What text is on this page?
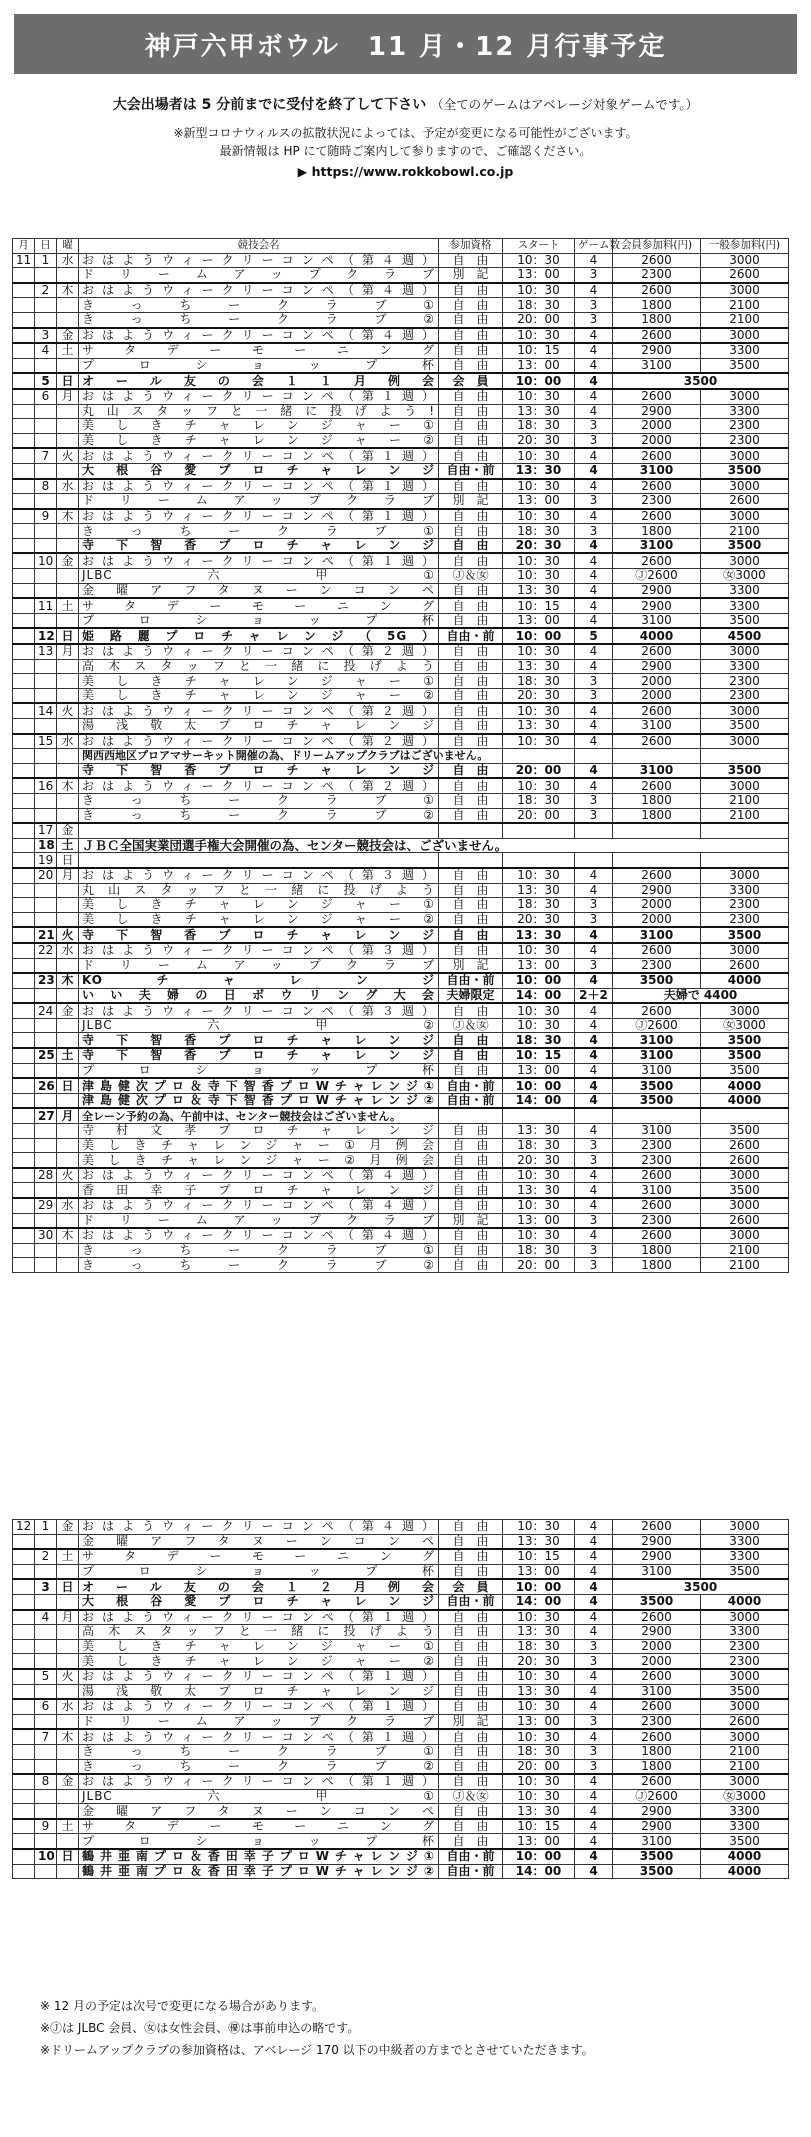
神戸六甲ボウル　11 月・12 月行事予定
大会出場者は 5 分前までに受付を終了して下さい （全てのゲームはアベレージ対象ゲームです。）
※新型コロナウィルスの拡散状況によっては、予定が変更になる可能性がございます。
最新情報は HP にて随時ご案内して参りますので、ご確認ください。
▶ https://www.rokkobowl.co.jp
月	日	曜	競技会名	参加資格	スタート	ゲーム数	会員参加料(円)	一般参加料(円)
11	1	水	おはようウィークリーコンペ（第４週）	自　由	10：30	4	2600	3000
			ドリームアップクラブ	別　記	13：00	3	2300	2600
	2	木	おはようウィークリーコンペ（第４週）	自　由	10：30	4	2600	3000
			きっちークラブ①	自　由	18：30	3	1800	2100
			きっちークラブ②	自　由	20：00	3	1800	2100
	3	金	おはようウィークリーコンペ（第４週）	自　由	10：30	4	2600	3000
	4	土	サタデーモーニング	自　由	10：15	4	2900	3300
			プロショップ杯	自　由	13：00	4	3100	3500
	5	日	オール友の会１１月例会	会　員	10：00	4	3500	
	6	月	おはようウィークリーコンペ（第１週）	自　由	10：30	4	2600	3000
			丸山スタッフと一緒に投げよう!	自　由	13：30	4	2900	3300
			美しきチャレンジャー①	自　由	18：30	3	2000	2300
			美しきチャレンジャー②	自　由	20：30	3	2000	2300
	7	火	おはようウィークリーコンペ（第１週）	自　由	10：30	4	2600	3000
			大根谷愛プロチャレンジ	自由・前	13：30	4	3100	3500
	8	水	おはようウィークリーコンペ（第１週）	自　由	10：30	4	2600	3000
			ドリームアップクラブ	別　記	13：00	3	2300	2600
	9	木	おはようウィークリーコンペ（第１週）	自　由	10：30	4	2600	3000
			きっちークラブ①	自　由	18：30	3	1800	2100
			寺下智香プロチャレンジ	自　由	20：30	4	3100	3500
	10	金	おはようウィークリーコンペ（第１週）	自　由	10：30	4	2600	3000
			JLBC六甲①	Ⓙ＆㊛	10：30	4	Ⓙ2600	㊛3000
			金曜アフタヌーンコンペ	自　由	13：30	4	2900	3300
	11	土	サタデーモーニング	自　由	10：15	4	2900	3300
			プロショップ杯	自　由	13：00	4	3100	3500
	12	日	姫路麗プロチャレンジ（5G）	自由・前	10：00	5	4000	4500
	13	月	おはようウィークリーコンペ（第２週）	自　由	10：30	4	2600	3000
			高木スタッフと一緒に投げよう	自　由	13：30	4	2900	3300
			美しきチャレンジャー①	自　由	18：30	3	2000	2300
			美しきチャレンジャー②	自　由	20：30	3	2000	2300
	14	火	おはようウィークリーコンペ（第２週）	自　由	10：30	4	2600	3000
			湯浅敬太プロチャレンジ	自　由	13：30	4	3100	3500
	15	水	おはようウィークリーコンペ（第２週）	自　由	10：30	4	2600	3000
			関西西地区プロアマサーキット開催の為、ドリームアップクラブはございません。					
			寺下智香プロチャレンジ	自　由	20：00	4	3100	3500
	16	木	おはようウィークリーコンペ（第２週）	自　由	10：30	4	2600	3000
			きっちークラブ①	自　由	18：30	3	1800	2100
			きっちークラブ②	自　由	20：00	3	1800	2100
	17	金						
	18	土	ＪＢＣ全国実業団選手権大会開催の為、センター競技会は、ございません。					
	19	日						
	20	月	おはようウィークリーコンペ（第３週）	自　由	10：30	4	2600	3000
			丸山スタッフと一緒に投げよう	自　由	13：30	4	2900	3300
			美しきチャレンジャー①	自　由	18：30	3	2000	2300
			美しきチャレンジャー②	自　由	20：30	3	2000	2300
	21	火	寺下智香プロチャレンジ	自　由	13：30	4	3100	3500
	22	水	おはようウィークリーコンペ（第３週）	自　由	10：30	4	2600	3000
			ドリームアップクラブ	別　記	13：00	3	2300	2600
	23	木	KOチャレンジ	自由・前	10：00	4	3500	4000
			いい夫婦の日ボウリング大会	夫婦限定	14：00	2＋2	夫婦で 4400	
	24	金	おはようウィークリーコンペ（第３週）	自　由	10：30	4	2600	3000
			JLBC六甲②	Ⓙ＆㊛	10：30	4	Ⓙ2600	㊛3000
			寺下智香プロチャレンジ	自　由	18：30	4	3100	3500
	25	土	寺下智香プロチャレンジ	自　由	10：15	4	3100	3500
			プロショップ杯	自　由	13：00	4	3100	3500
	26	日	津島健次プロ＆寺下智香プロWチャレンジ①	自由・前	10：00	4	3500	4000
			津島健次プロ＆寺下智香プロWチャレンジ②	自由・前	14：00	4	3500	4000
	27	月	全レーン予約の為、午前中は、センター競技会はございません。					
			寺村文孝プロチャレンジ	自　由	13：30	4	3100	3500
			美しきチャレンジャー①月例会	自　由	18：30	3	2300	2600
			美しきチャレンジャー②月例会	自　由	20：30	3	2300	2600
	28	火	おはようウィークリーコンペ（第４週）	自　由	10：30	4	2600	3000
			香田幸子プロチャレンジ	自　由	13：30	4	3100	3500
	29	水	おはようウィークリーコンペ（第４週）	自　由	10：30	4	2600	3000
			ドリームアップクラブ	別　記	13：00	3	2300	2600
	30	木	おはようウィークリーコンペ（第４週）	自　由	10：30	4	2600	3000
			きっちークラブ①	自　由	18：30	3	1800	2100
			きっちークラブ②	自　由	20：00	3	1800	2100
12	1	金	おはようウィークリーコンペ（第４週）	自　由	10：30	4	2600	3000
			金曜アフタヌーンコンペ	自　由	13：30	4	2900	3300
	2	土	サタデーモーニング	自　由	10：15	4	2900	3300
			プロショップ杯	自　由	13：00	4	3100	3500
	3	日	オール友の会１２月例会	会　員	10：00	4	3500	
			大根谷愛プロチャレンジ	自由・前	14：00	4	3500	4000
	4	月	おはようウィークリーコンペ（第１週）	自　由	10：30	4	2600	3000
			高木スタッフと一緒に投げよう	自　由	13：30	4	2900	3300
			美しきチャレンジャー①	自　由	18：30	3	2000	2300
			美しきチャレンジャー②	自　由	20：30	3	2000	2300
	5	火	おはようウィークリーコンペ（第１週）	自　由	10：30	4	2600	3000
			湯浅敬太プロチャレンジ	自　由	13：30	4	3100	3500
	6	水	おはようウィークリーコンペ（第１週）	自　由	10：30	4	2600	3000
			ドリームアップクラブ	別　記	13：00	3	2300	2600
	7	木	おはようウィークリーコンペ（第１週）	自　由	10：30	4	2600	3000
			きっちークラブ①	自　由	18：30	3	1800	2100
			きっちークラブ②	自　由	20：00	3	1800	2100
	8	金	おはようウィークリーコンペ（第１週）	自　由	10：30	4	2600	3000
			JLBC六甲①	Ⓙ＆㊛	10：30	4	Ⓙ2600	㊛3000
			金曜アフタヌーンコンペ	自　由	13：30	4	2900	3300
	9	土	サタデーモーニング	自　由	10：15	4	2900	3300
			プロショップ杯	自　由	13：00	4	3100	3500
	10	日	鶴井亜南プロ＆香田幸子プロWチャレンジ①	自由・前	10：00	4	3500	4000
			鶴井亜南プロ＆香田幸子プロWチャレンジ②	自由・前	14：00	4	3500	4000
※ 12 月の予定は次号で変更になる場合があります。
※Ⓙは JLBC 会員、㊛は女性会員、㊝は事前申込の略です。
※ドリームアップクラブの参加資格は、アベレージ 170 以下の中級者の方までとさせていただきます。
